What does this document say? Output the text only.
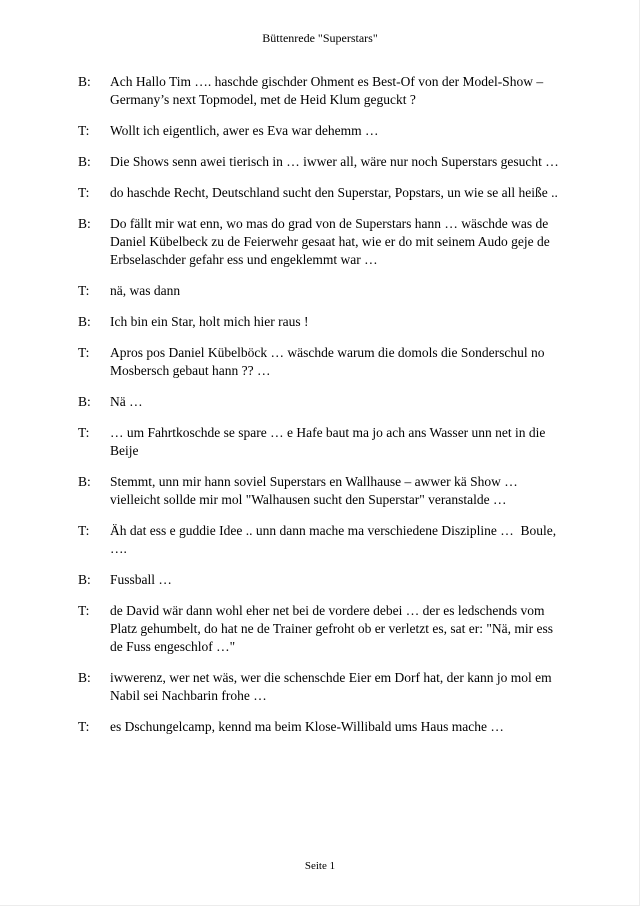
Büttenrede "Superstars"
B:	Ach Hallo Tim …. haschde gischder Ohment es Best-Of von der Model-Show – Germany’s next Topmodel, met de Heid Klum geguckt ?
T:	Wollt ich eigentlich, awer es Eva war dehemm …
B:	Die Shows senn awei tierisch in … iwwer all, wäre nur noch Superstars gesucht …
T:	do haschde Recht, Deutschland sucht den Superstar, Popstars, un wie se all heiße ..
B:	Do fällt mir wat enn, wo mas do grad von de Superstars hann … wäschde was de Daniel Kübelbeck zu de Feierwehr gesaat hat, wie er do mit seinem Audo geje de Erbselaschder gefahr ess und engeklemmt war …
T:	nä, was dann
B:	Ich bin ein Star, holt mich hier raus !
T:	Apros pos Daniel Kübelböck … wäschde warum die domols die Sonderschul no Mosbersch gebaut hann ?? …
B:	Nä …
T:	… um Fahrtkoschde se spare … e Hafe baut ma jo ach ans Wasser unn net in die Beije
B:	Stemmt, unn mir hann soviel Superstars en Wallhause – awwer kä Show … vielleicht sollde mir mol "Walhausen sucht den Superstar" veranstalde …
T:	Äh dat ess e guddie Idee .. unn dann mache ma verschiedene Diszipline …  Boule, ….
B:	Fussball …
T:	de David wär dann wohl eher net bei de vordere debei … der es ledschends vom Platz gehumbelt, do hat ne de Trainer gefroht ob er verletzt es, sat er: "Nä, mir ess de Fuss engeschlof …"
B:	iwwerenz, wer net wäs, wer die schenschde Eier em Dorf hat, der kann jo mol em Nabil sei Nachbarin frohe …
T:	es Dschungelcamp, kennd ma beim Klose-Willibald ums Haus mache …
Seite 1
